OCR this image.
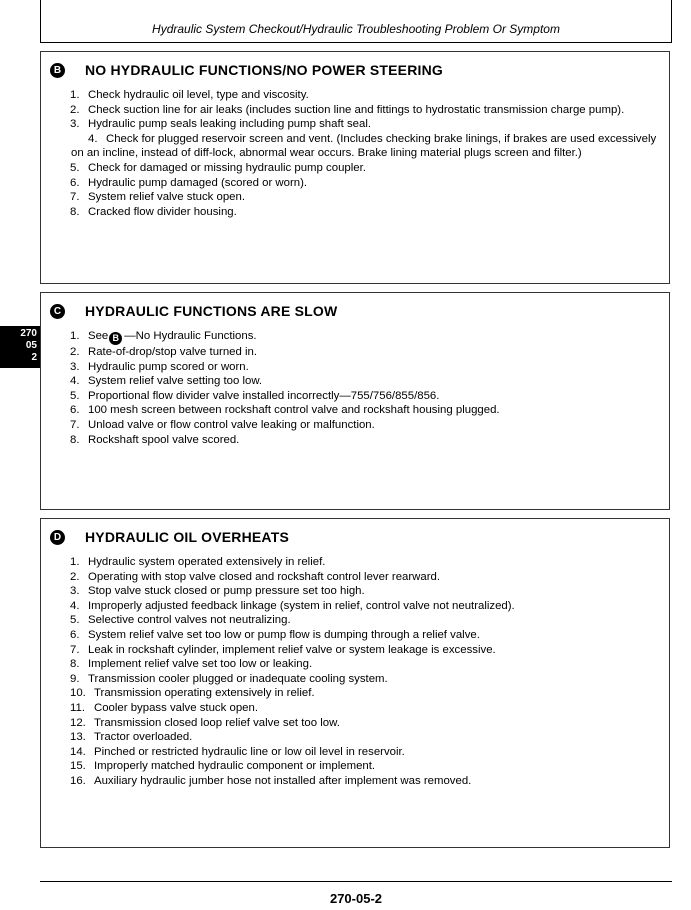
Hydraulic System Checkout/Hydraulic Troubleshooting Problem Or Symptom
270
05
2
B NO HYDRAULIC FUNCTIONS/NO POWER STEERING
1. Check hydraulic oil level, type and viscosity.
2. Check suction line for air leaks (includes suction line and fittings to hydrostatic transmission charge pump).
3. Hydraulic pump seals leaking including pump shaft seal.
4. Check for plugged reservoir screen and vent. (Includes checking brake linings, if brakes are used excessively
on an incline, instead of diff-lock, abnormal wear occurs. Brake lining material plugs screen and filter.)
5. Check for damaged or missing hydraulic pump coupler.
6. Hydraulic pump damaged (scored or worn).
7. System relief valve stuck open.
8. Cracked flow divider housing.
C HYDRAULIC FUNCTIONS ARE SLOW
1. See B —No Hydraulic Functions.
2. Rate-of-drop/stop valve turned in.
3. Hydraulic pump scored or worn.
4. System relief valve setting too low.
5. Proportional flow divider valve installed incorrectly—755/756/855/856.
6. 100 mesh screen between rockshaft control valve and rockshaft housing plugged.
7. Unload valve or flow control valve leaking or malfunction.
8. Rockshaft spool valve scored.
D HYDRAULIC OIL OVERHEATS
1. Hydraulic system operated extensively in relief.
2. Operating with stop valve closed and rockshaft control lever rearward.
3. Stop valve stuck closed or pump pressure set too high.
4. Improperly adjusted feedback linkage (system in relief, control valve not neutralized).
5. Selective control valves not neutralizing.
6. System relief valve set too low or pump flow is dumping through a relief valve.
7. Leak in rockshaft cylinder, implement relief valve or system leakage is excessive.
8. Implement relief valve set too low or leaking.
9. Transmission cooler plugged or inadequate cooling system.
10. Transmission operating extensively in relief.
11. Cooler bypass valve stuck open.
12. Transmission closed loop relief valve set too low.
13. Tractor overloaded.
14. Pinched or restricted hydraulic line or low oil level in reservoir.
15. Improperly matched hydraulic component or implement.
16. Auxiliary hydraulic jumber hose not installed after implement was removed.
270-05-2
